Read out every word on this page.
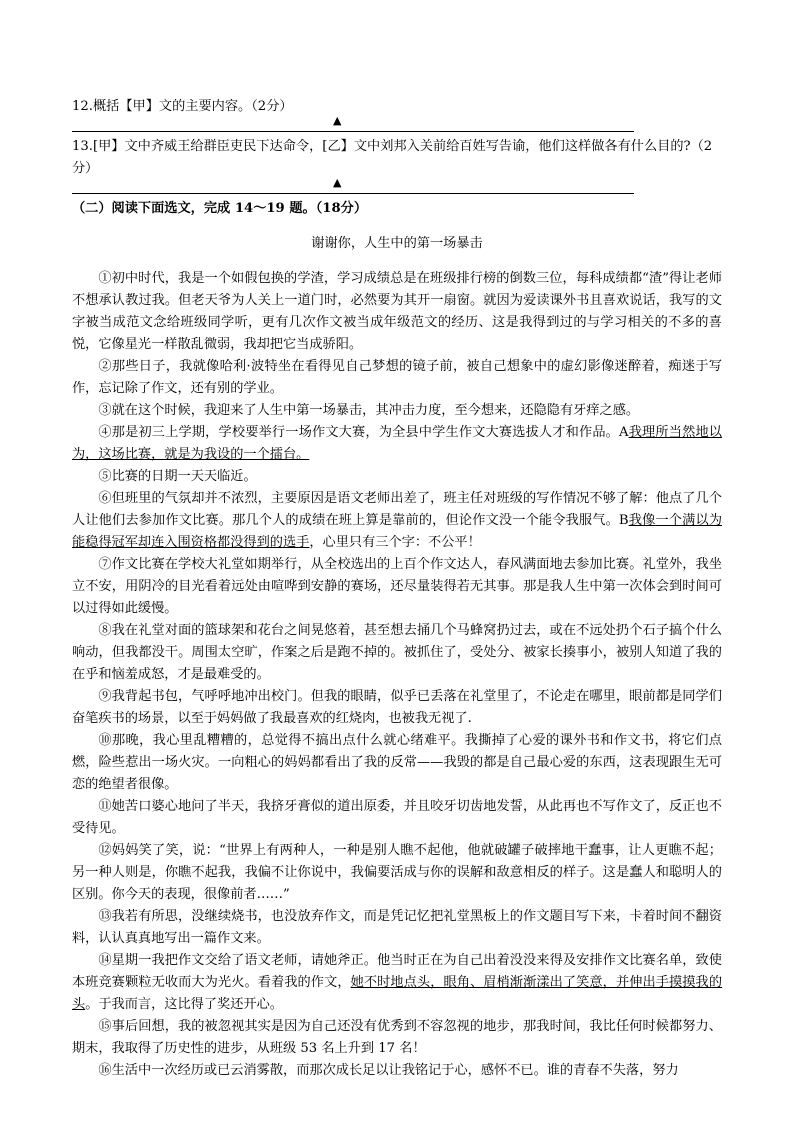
12.概括【甲】文的主要内容。（2分）

▲

13.[甲】文中齐威王给群臣吏民下达命令，[乙】文中刘邦入关前给百姓写告谕，他们这样做各有什么目的?（2分）

▲

（二）阅读下面选文，完成 14～19 题。（18分）

谢谢你，人生中的第一场暴击

①初中时代，我是一个如假包换的学渣，学习成绩总是在班级排行榜的倒数三位，每科成绩都“渣”得让老师不想承认教过我。但老天爷为人关上一道门时，必然要为其开一扇窗。就因为爱读课外书且喜欢说话，我写的文字被当成范文念给班级同学听，更有几次作文被当成年级范文的经历、这是我得到过的与学习相关的不多的喜悦，它像星光一样散乱微弱，我却把它当成骄阳。

②那些日子，我就像哈利·波特坐在看得见自己梦想的镜子前，被自己想象中的虚幻影像迷醉着，痴迷于写作，忘记除了作文，还有别的学业。

③就在这个时候，我迎来了人生中第一场暴击，其冲击力度，至今想来，还隐隐有牙痒之感。

④那是初三上学期，学校要举行一场作文大赛，为全县中学生作文大赛选拔人才和作品。A我理所当然地以为，这场比赛，就是为我设的一个擂台。

⑤比赛的日期一天天临近。

⑥但班里的气氛却并不浓烈，主要原因是语文老师出差了，班主任对班级的写作情况不够了解：他点了几个人让他们去参加作文比赛。那几个人的成绩在班上算是靠前的，但论作文没一个能令我服气。B我像一个满以为能稳得冠军却连入围资格都没得到的选手，心里只有三个字：不公平！

⑦作文比赛在学校大礼堂如期举行，从全校选出的上百个作文达人，春风满面地去参加比赛。礼堂外，我坐立不安，用阴冷的目光看着远处由喧哗到安静的赛场，还尽量装得若无其事。那是我人生中第一次体会到时间可以过得如此缓慢。

⑧我在礼堂对面的篮球架和花台之间晃悠着，甚至想去捅几个马蜂窝扔过去，或在不远处扔个石子搞个什么响动，但我都没干。周围太空旷，作案之后是跑不掉的。被抓住了，受处分、被家长揍事小，被别人知道了我的在乎和恼羞成怒，才是最难受的。

⑨我背起书包，气呼呼地冲出校门。但我的眼睛，似乎已丢落在礼堂里了，不论走在哪里，眼前都是同学们奋笔疾书的场景，以至于妈妈做了我最喜欢的红烧肉，也被我无视了.

⑩那晚，我心里乱糟糟的，总觉得不搞出点什么就心绪难平。我撕掉了心爱的课外书和作文书，将它们点燃，险些惹出一场火灾。一向粗心的妈妈都看出了我的反常——我毁的都是自己最心爱的东西，这表现跟生无可恋的绝望者很像。

⑪她苦口婆心地问了半天，我挤牙膏似的道出原委，并且咬牙切齿地发誓，从此再也不写作文了，反正也不受待见。

⑫妈妈笑了笑，说：“世界上有两种人，一种是别人瞧不起他，他就破罐子破摔地干蠢事，让人更瞧不起；另一种人则是，你瞧不起我，我偏不让你说中，我偏要活成与你的误解和敌意相反的样子。这是蠢人和聪明人的区别。你今天的表现，很像前者……”

⑬我若有所思，没继续烧书，也没放弃作文，而是凭记忆把礼堂黑板上的作文题目写下来，卡着时间不翻资料，认认真真地写出一篇作文来。

⑭星期一我把作文交给了语文老师，请她斧正。他当时正在为自己出着没没来得及安排作文比赛名单，致使本班竞赛颗粒无收而大为光火。看着我的作文，她不时地点头，眼角、眉梢渐渐漾出了笑意，并伸出手摸摸我的头。于我而言，这比得了奖还开心。

⑮事后回想，我的被忽视其实是因为自己还没有优秀到不容忽视的地步，那我时间，我比任何时候都努力、期末，我取得了历史性的进步，从班级 53 名上升到 17 名！

⑯生活中一次经历或已云消雾散，而那次成长足以让我铭记于心，感怀不已。谁的青春不失落，努力
